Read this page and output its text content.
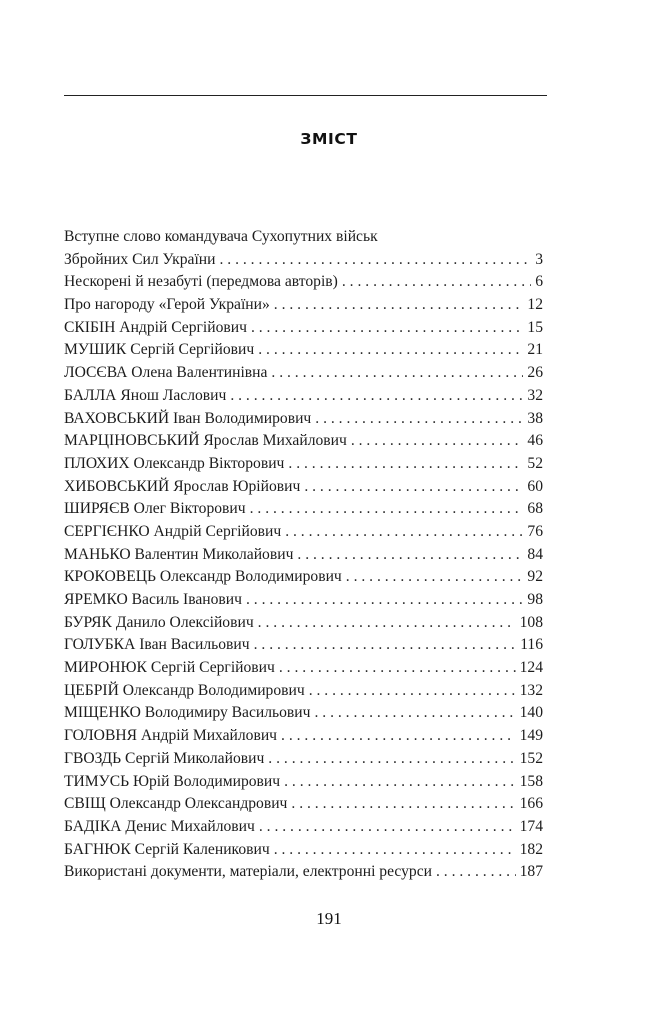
ЗМІСТ
Вступне слово командувача Сухопутних військ
Збройних Сил України . . .	3
Нескорені й незабуті (передмова авторів) . . .	6
Про нагороду «Герой України» . . .	12
СКІБІН Андрій Сергійович . . .	15
МУШИК Сергій Сергійович . . .	21
ЛОСЄВА Олена Валентинівна . . .	26
БАЛЛА Янош Ласлович . . .	32
ВАХОВСЬКИЙ Іван Володимирович . . .	38
МАРЦІНОВСЬКИЙ Ярослав Михайлович . . .	46
ПЛОХИХ Олександр Вікторович . . .	52
ХИБОВСЬКИЙ Ярослав Юрійович . . .	60
ШИРЯЄВ Олег Вікторович . . .	68
СЕРГІЄНКО Андрій Сергійович . . .	76
МАНЬКО Валентин Миколайович . . .	84
КРОКОВЕЦЬ Олександр Володимирович . . .	92
ЯРЕМКО Василь Іванович . . .	98
БУРЯК Данило Олексійович . . .	108
ГОЛУБКА Іван Васильович . . .	116
МИРОНЮК Сергій Сергійович . . .	124
ЦЕБРІЙ Олександр Володимирович . . .	132
МІЩЕНКО Володимиру Васильович . . .	140
ГОЛОВНЯ Андрій Михайлович . . .	149
ГВОЗДЬ Сергій Миколайович . . .	152
ТИМУСЬ Юрій Володимирович . . .	158
СВІЩ Олександр Олександрович . . .	166
БАДІКА Денис Михайлович . . .	174
БАГНЮК Сергій Каленикович . . .	182
Використані документи, матеріали, електронні ресурси . . .	187
191
